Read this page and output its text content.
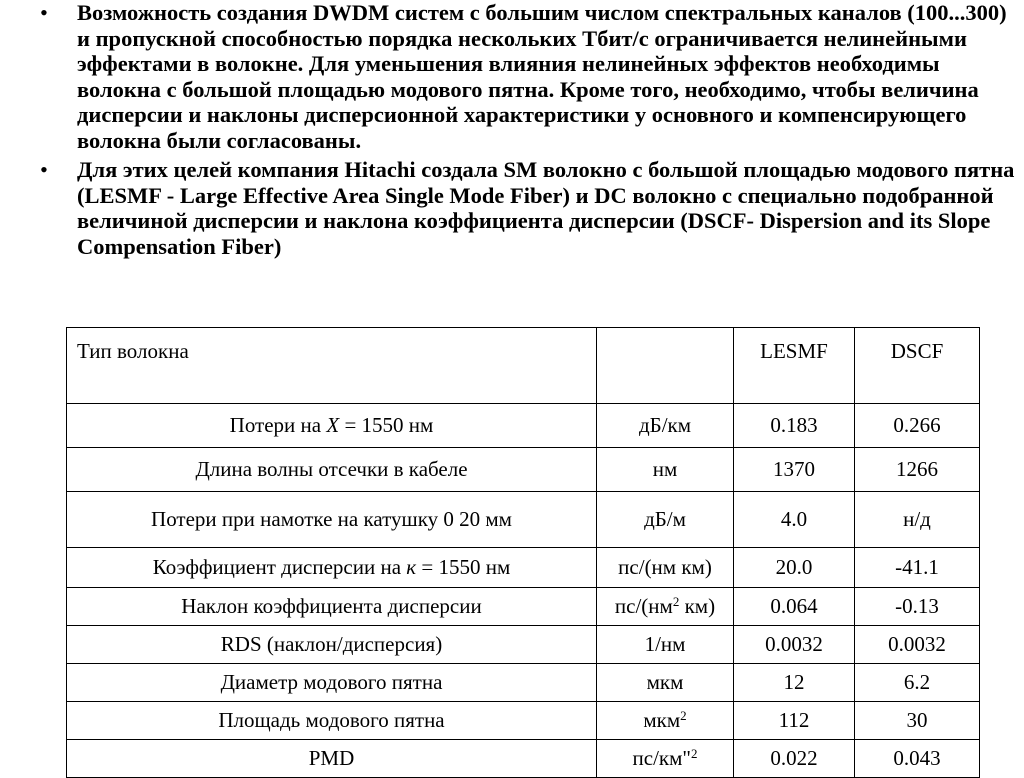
• Возможность создания DWDM систем с большим числом спектральных каналов (100...300) и пропускной способностью порядка нескольких Тбит/с ограничивается нелинейными эффектами в волокне. Для уменьшения влияния нелинейных эффектов необходимы волокна с большой площадью модового пятна. Кроме того, необходимо, чтобы величина дисперсии и наклоны дисперсионной характеристики у основного и компенсирующего волокна были согласованы.
• Для этих целей компания Hitachi создала SM волокно с большой площадью модового пятна (LESMF - Large Effective Area Single Mode Fiber) и DC волокно с специально подобранной величиной дисперсии и наклона коэффициента дисперсии (DSCF- Dispersion and its Slope Compensation Fiber)
Тип волокна		LESMF	DSCF
Потери на X = 1550 нм	дБ/км	0.183	0.266
Длина волны отсечки в кабеле	нм	1370	1266
Потери при намотке на катушку 0 20 мм	дБ/м	4.0	н/д
Коэффициент дисперсии на к = 1550 нм	пс/(нм км)	20.0	-41.1
Наклон коэффициента дисперсии	$пс/(нм^2$ км)	0.064	-0.13
RDS (наклон/дисперсия)	1/нм	0.0032	0.0032
Диаметр модового пятна	мкм	12	6.2
Площадь модового пятна	мкм$^2$	112	30
PMD	пс/км"$^2$	0.022	0.043
